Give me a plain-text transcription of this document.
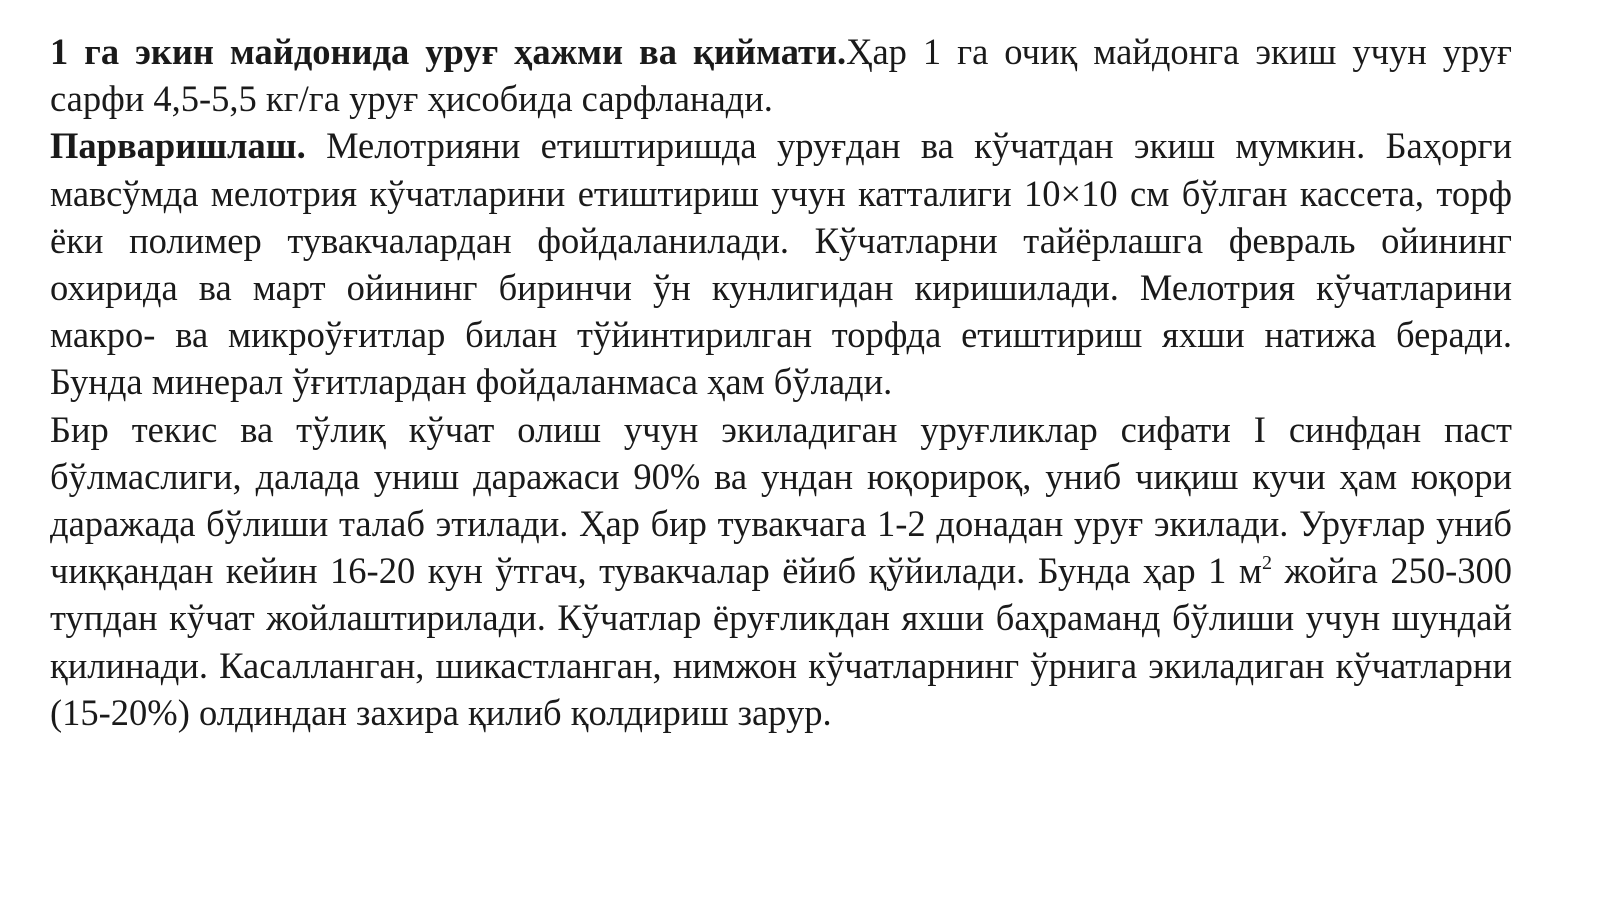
1 га экин майдонида уруғ ҳажми ва қиймати.Ҳар 1 га очиқ майдонга экиш учун уруғ сарфи 4,5-5,5 кг/га уруғ ҳисобида сарфланади.

Парваришлаш. Мелотрияни етиштиришда уруғдан ва кўчатдан экиш мумкин. Баҳорги мавсўмда мелотрия кўчатларини етиштириш учун катталиги 10×10 см бўлган кассета, торф ёки полимер тувакчалардан фойдаланилади. Кўчатларни тайёрлашга февраль ойининг охирида ва март ойининг биринчи ўн кунлигидан киришилади. Мелотрия кўчатларини макро- ва микроўғитлар билан тўйинтирилган торфда етиштириш яхши натижа беради. Бунда минерал ўғитлардан фойдаланмаса ҳам бўлади.

Бир текис ва тўлиқ кўчат олиш учун экиладиган уруғликлар сифати I синфдан паст бўлмаслиги, далада униш даражаси 90% ва ундан юқорироқ, униб чиқиш кучи ҳам юқори даражада бўлиши талаб этилади. Ҳар бир тувакчага 1-2 донадан уруғ экилади. Уруғлар униб чиққандан кейин 16-20 кун ўтгач, тувакчалар ёйиб қўйилади. Бунда ҳар 1 $м^2$ жойга 250-300 тупдан кўчат жойлаштирилади. Кўчатлар ёруғликдан яхши баҳраманд бўлиши учун шундай қилинади. Касалланган, шикастланган, нимжон кўчатларнинг ўрнига экиладиган кўчатларни (15-20%) олдиндан захира қилиб қолдириш зарур.
